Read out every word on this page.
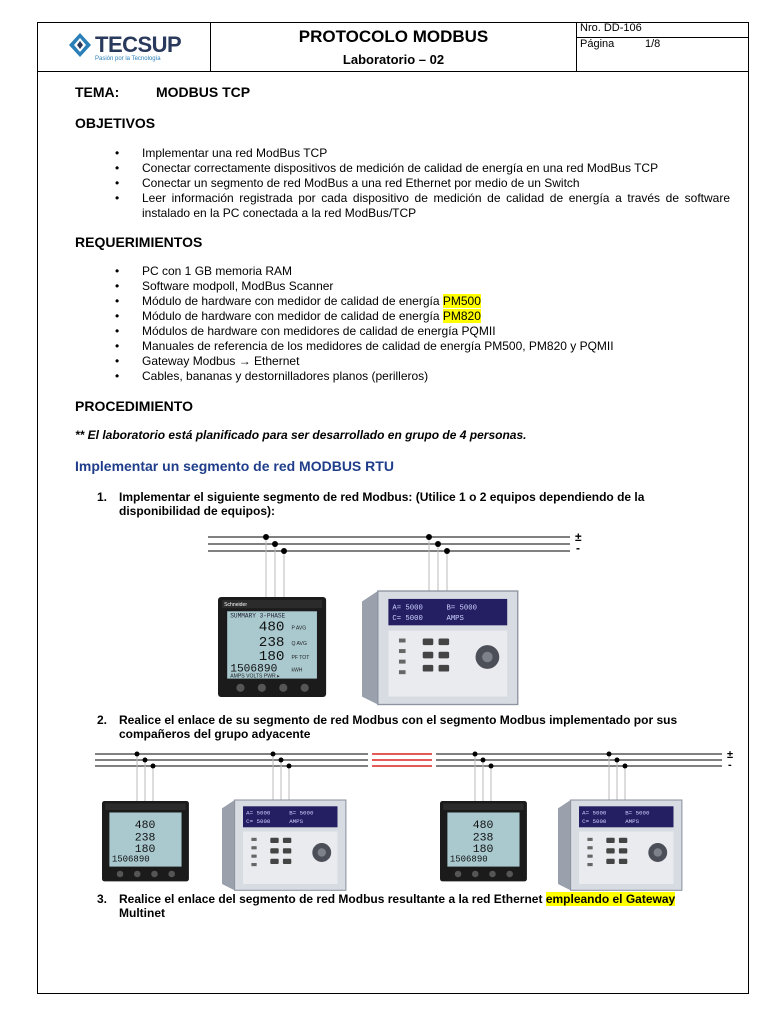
TECSUP
Pasión por la Tecnología
PROTOCOLO MODBUS
Laboratorio – 02
Nro. DD-106
Página	1/8
TEMA:	MODBUS TCP
OBJETIVOS
• Implementar una red ModBus TCP
• Conectar correctamente dispositivos de medición de calidad de energía en una red ModBus TCP
• Conectar un segmento de red ModBus a una red Ethernet por medio de un Switch
• Leer información registrada por cada dispositivo de medición de calidad de energía a través de software instalado en la PC conectada a la red ModBus/TCP
REQUERIMIENTOS
• PC con 1 GB memoria RAM
• Software modpoll, ModBus Scanner
• Módulo de hardware con medidor de calidad de energía PM500
• Módulo de hardware con medidor de calidad de energía PM820
• Módulos de hardware con medidores de calidad de energía PQMII
• Manuales de referencia de los medidores de calidad de energía PM500, PM820 y PQMII
• Gateway Modbus → Ethernet
• Cables, bananas y destornilladores planos (perilleros)
PROCEDIMIENTO
** El laboratorio está planificado para ser desarrollado en grupo de 4 personas.
Implementar un segmento de red MODBUS RTU
1. Implementar el siguiente segmento de red Modbus: (Utilice 1 o 2 equipos dependiendo de la disponibilidad de equipos):
2. Realice el enlace de su segmento de red Modbus con el segmento Modbus implementado por sus compañeros del grupo adyacente
3. Realice el enlace del segmento de red Modbus resultante a la red Ethernet empleando el Gateway
Multinet
±
-
Schneider
SUMMARY 3-PHASE
480 P AVG
238 Q AVG
180 PF TOT
1506890	kWH
AMPS VOLTS PWR ▸
A= 5000	B= 5000
C= 5000	AMPS
±
-
480
238
180
1506890
A= 5000	B= 5000
C= 5000	AMPS	480
238
180
1506890
A= 5000	B= 5000
C= 5000	AMPS
